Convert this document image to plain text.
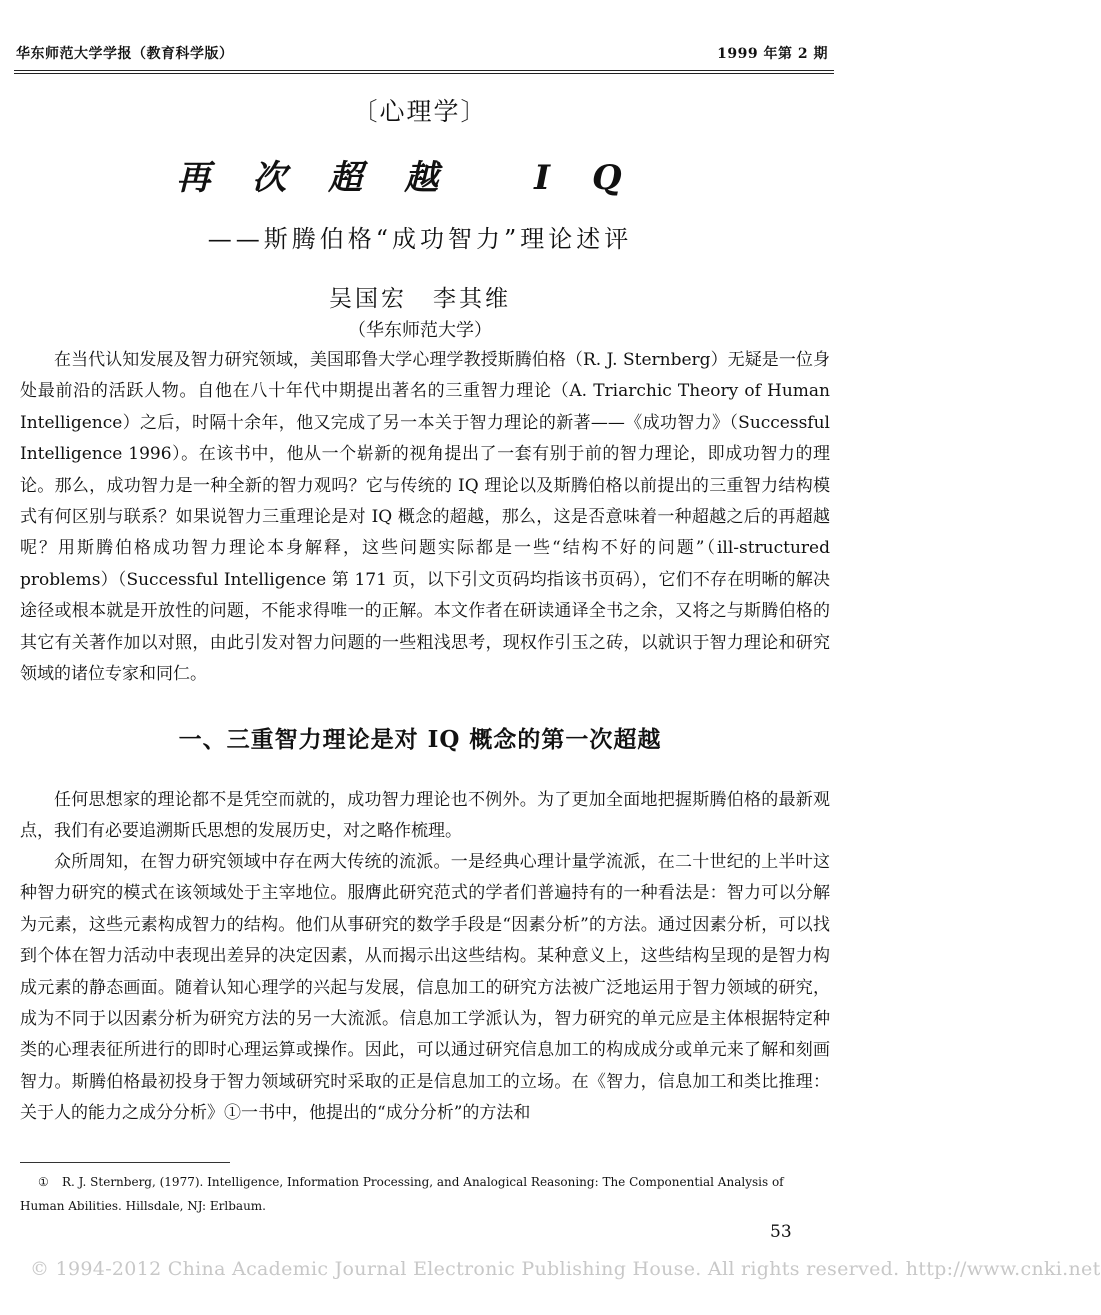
华东师范大学学报（教育科学版）	1999 年第 2 期
〔心理学〕
再次超越 IQ
——斯腾伯格“成功智力”理论述评
吴国宏　李其维
（华东师范大学）

在当代认知发展及智力研究领域，美国耶鲁大学心理学教授斯腾伯格（R. J. Sternberg）无疑是一位身处最前沿的活跃人物。自他在八十年代中期提出著名的三重智力理论（A. Triarchic Theory of Human Intelligence）之后，时隔十余年，他又完成了另一本关于智力理论的新著——《成功智力》（Successful Intelligence 1996）。在该书中，他从一个崭新的视角提出了一套有别于前的智力理论，即成功智力的理论。那么，成功智力是一种全新的智力观吗？它与传统的 IQ 理论以及斯腾伯格以前提出的三重智力结构模式有何区别与联系？如果说智力三重理论是对 IQ 概念的超越，那么，这是否意味着一种超越之后的再超越呢？用斯腾伯格成功智力理论本身解释，这些问题实际都是一些“结构不好的问题”（ill-structured problems）（Successful Intelligence 第 171 页，以下引文页码均指该书页码），它们不存在明晰的解决途径或根本就是开放性的问题，不能求得唯一的正解。本文作者在研读通译全书之余，又将之与斯腾伯格的其它有关著作加以对照，由此引发对智力问题的一些粗浅思考，现权作引玉之砖，以就识于智力理论和研究领域的诸位专家和同仁。

一、三重智力理论是对 IQ 概念的第一次超越

任何思想家的理论都不是凭空而就的，成功智力理论也不例外。为了更加全面地把握斯腾伯格的最新观点，我们有必要追溯斯氏思想的发展历史，对之略作梳理。

众所周知，在智力研究领域中存在两大传统的流派。一是经典心理计量学流派，在二十世纪的上半叶这种智力研究的模式在该领域处于主宰地位。服膺此研究范式的学者们普遍持有的一种看法是：智力可以分解为元素，这些元素构成智力的结构。他们从事研究的数学手段是“因素分析”的方法。通过因素分析，可以找到个体在智力活动中表现出差异的决定因素，从而揭示出这些结构。某种意义上，这些结构呈现的是智力构成元素的静态画面。随着认知心理学的兴起与发展，信息加工的研究方法被广泛地运用于智力领域的研究，成为不同于以因素分析为研究方法的另一大流派。信息加工学派认为，智力研究的单元应是主体根据特定种类的心理表征所进行的即时心理运算或操作。因此，可以通过研究信息加工的构成成分或单元来了解和刻画智力。斯腾伯格最初投身于智力领域研究时采取的正是信息加工的立场。在《智力，信息加工和类比推理：关于人的能力之成分分析》①一书中，他提出的“成分分析”的方法和

① R. J. Sternberg, (1977). Intelligence, Information Processing, and Analogical Reasoning: The Componential Analysis of Human Abilities. Hillsdale, NJ: Erlbaum.
53
© 1994-2012 China Academic Journal Electronic Publishing House. All rights reserved. http://www.cnki.net
